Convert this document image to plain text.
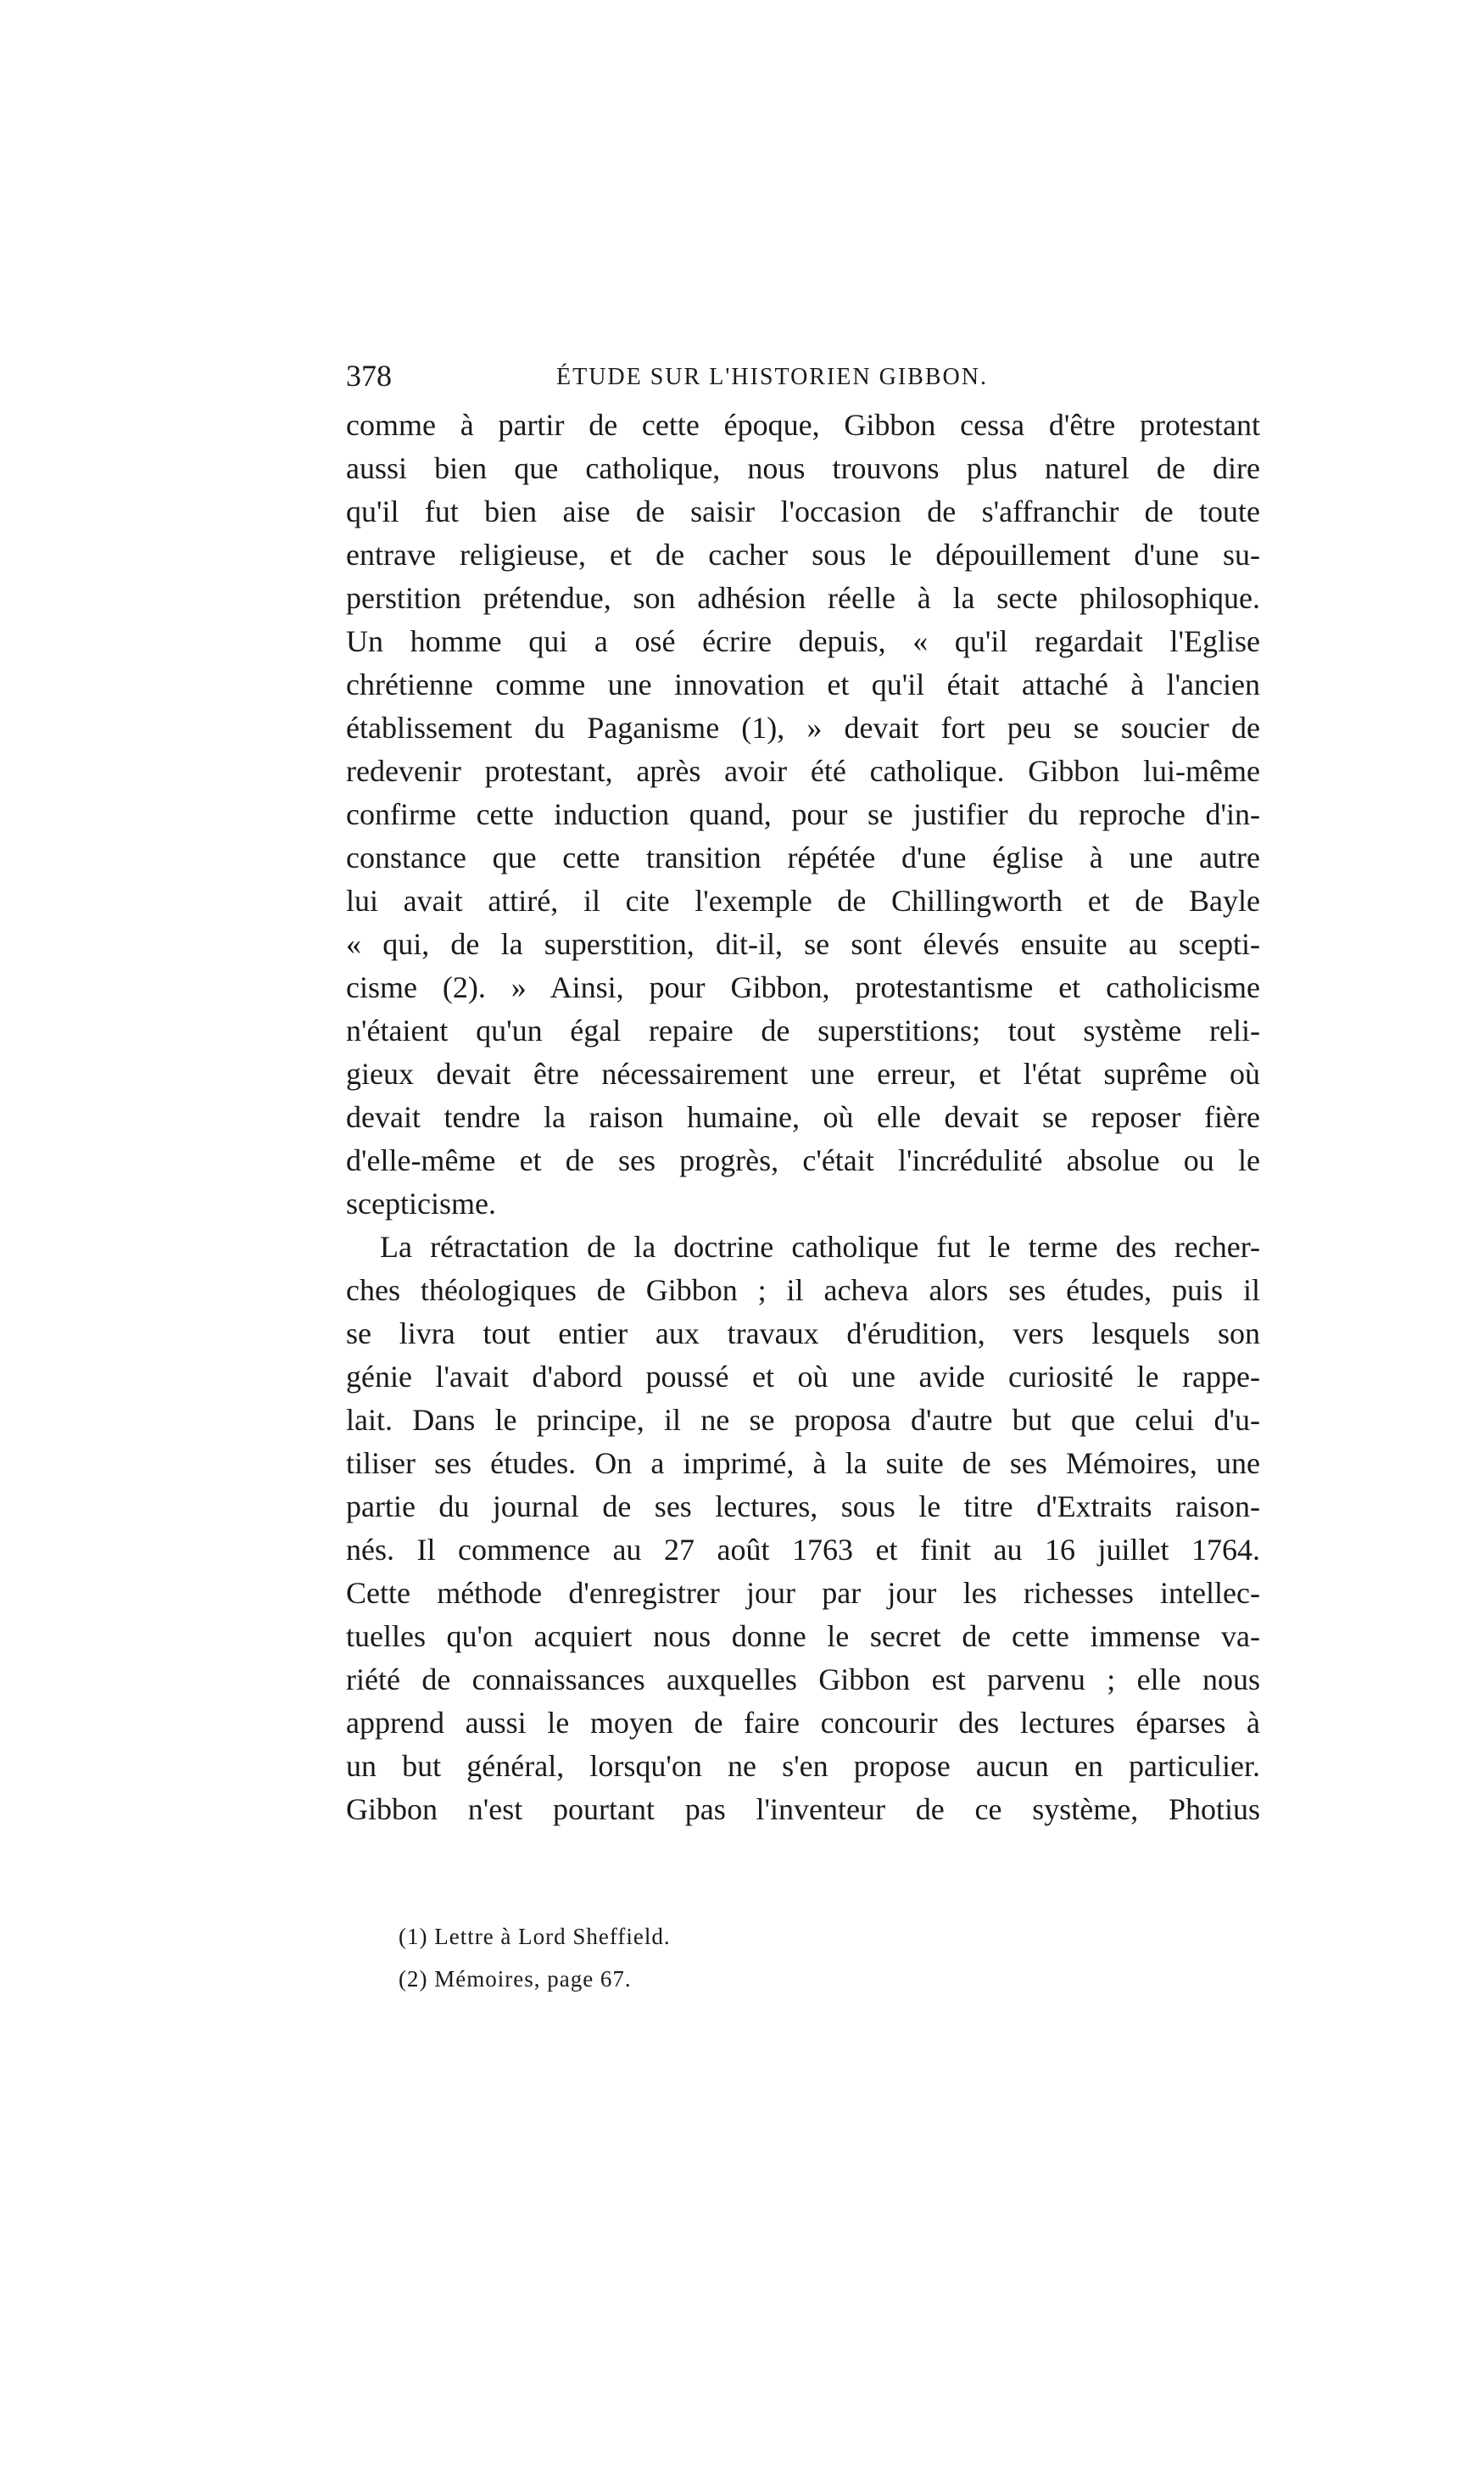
378	ÉTUDE SUR L'HISTORIEN GIBBON.
comme à partir de cette époque, Gibbon cessa d'être protestant
aussi bien que catholique, nous trouvons plus naturel de dire
qu'il fut bien aise de saisir l'occasion de s'affranchir de toute
entrave religieuse, et de cacher sous le dépouillement d'une su-
perstition prétendue, son adhésion réelle à la secte philosophique.
Un homme qui a osé écrire depuis, « qu'il regardait l'Eglise
chrétienne comme une innovation et qu'il était attaché à l'ancien
établissement du Paganisme (1), » devait fort peu se soucier de
redevenir protestant, après avoir été catholique. Gibbon lui-même
confirme cette induction quand, pour se justifier du reproche d'in-
constance que cette transition répétée d'une église à une autre
lui avait attiré, il cite l'exemple de Chillingworth et de Bayle
« qui, de la superstition, dit-il, se sont élevés ensuite au scepti-
cisme (2). » Ainsi, pour Gibbon, protestantisme et catholicisme
n'étaient qu'un égal repaire de superstitions; tout système reli-
gieux devait être nécessairement une erreur, et l'état suprême où
devait tendre la raison humaine, où elle devait se reposer fière
d'elle-même et de ses progrès, c'était l'incrédulité absolue ou le
scepticisme.
La rétractation de la doctrine catholique fut le terme des recher-
ches théologiques de Gibbon ; il acheva alors ses études, puis il
se livra tout entier aux travaux d'érudition, vers lesquels son
génie l'avait d'abord poussé et où une avide curiosité le rappe-
lait. Dans le principe, il ne se proposa d'autre but que celui d'u-
tiliser ses études. On a imprimé, à la suite de ses Mémoires, une
partie du journal de ses lectures, sous le titre d'Extraits raison-
nés. Il commence au 27 août 1763 et finit au 16 juillet 1764.
Cette méthode d'enregistrer jour par jour les richesses intellec-
tuelles qu'on acquiert nous donne le secret de cette immense va-
riété de connaissances auxquelles Gibbon est parvenu ; elle nous
apprend aussi le moyen de faire concourir des lectures éparses à
un but général, lorsqu'on ne s'en propose aucun en particulier.
Gibbon n'est pourtant pas l'inventeur de ce système, Photius
(1) Lettre à Lord Sheffield.
(2) Mémoires, page 67.
